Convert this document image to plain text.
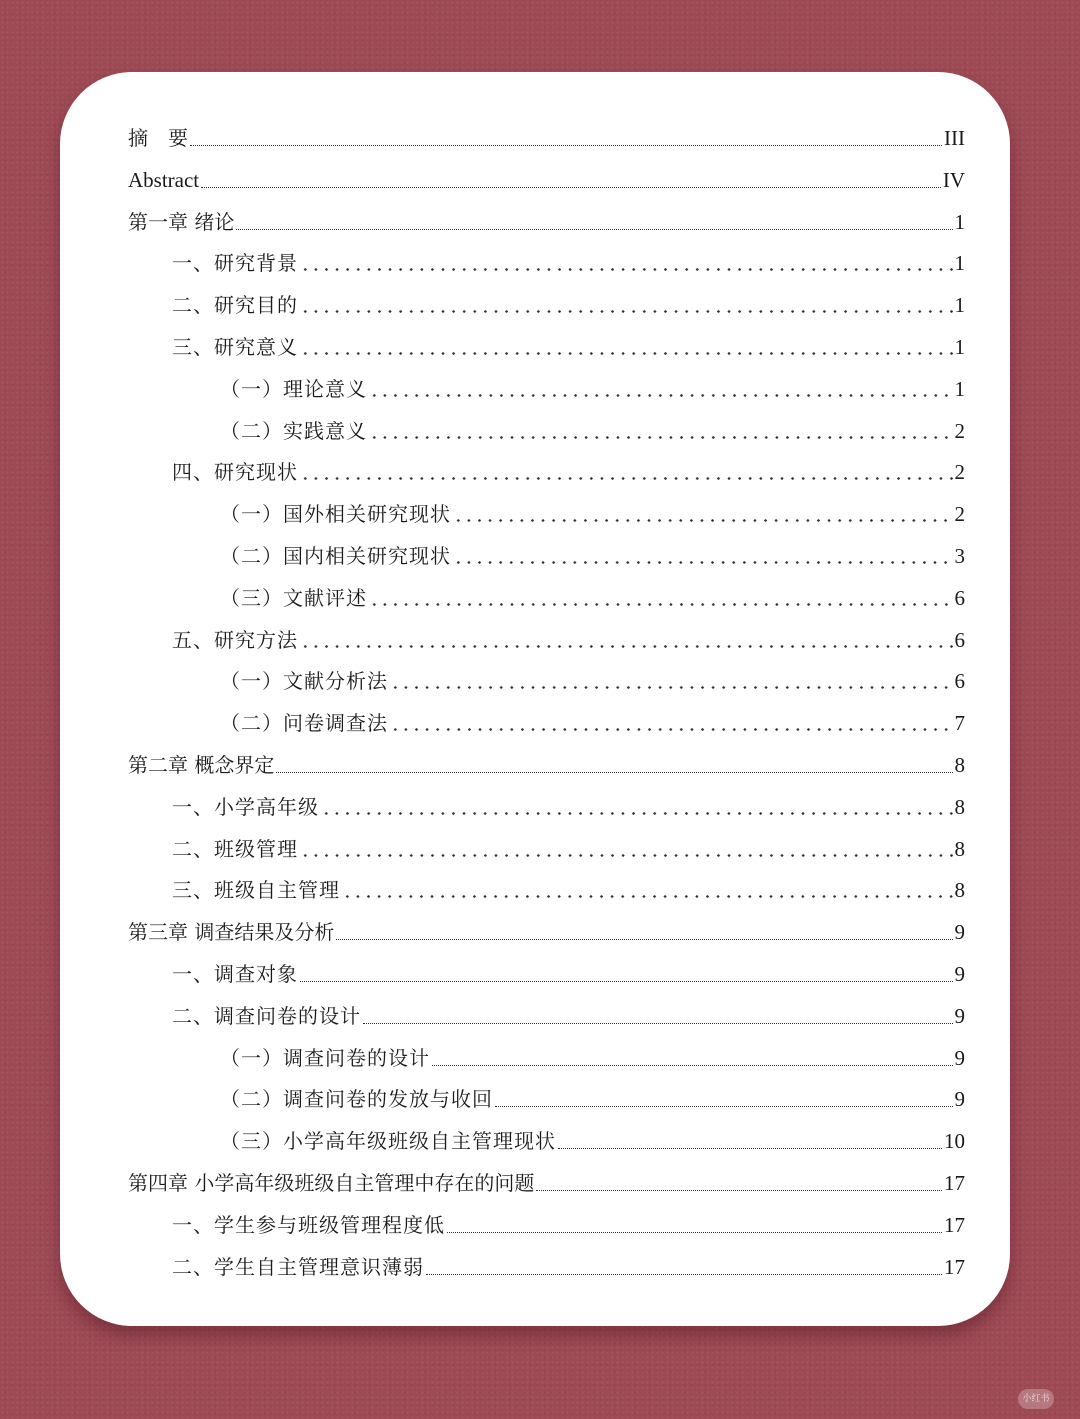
摘　要	III
Abstract	IV
第一章 绪论	1
一、研究背景	1
二、研究目的	1
三、研究意义	1
（一）理论意义	1
（二）实践意义	2
四、研究现状	2
（一）国外相关研究现状	2
（二）国内相关研究现状	3
（三）文献评述	6
五、研究方法	6
（一）文献分析法	6
（二）问卷调查法	7
第二章 概念界定	8
一、小学高年级	8
二、班级管理	8
三、班级自主管理	8
第三章 调查结果及分析	9
一、调查对象	9
二、调查问卷的设计	9
（一）调查问卷的设计	9
（二）调查问卷的发放与收回	9
（三）小学高年级班级自主管理现状	10
第四章 小学高年级班级自主管理中存在的问题	17
一、学生参与班级管理程度低	17
二、学生自主管理意识薄弱	17
小红书
